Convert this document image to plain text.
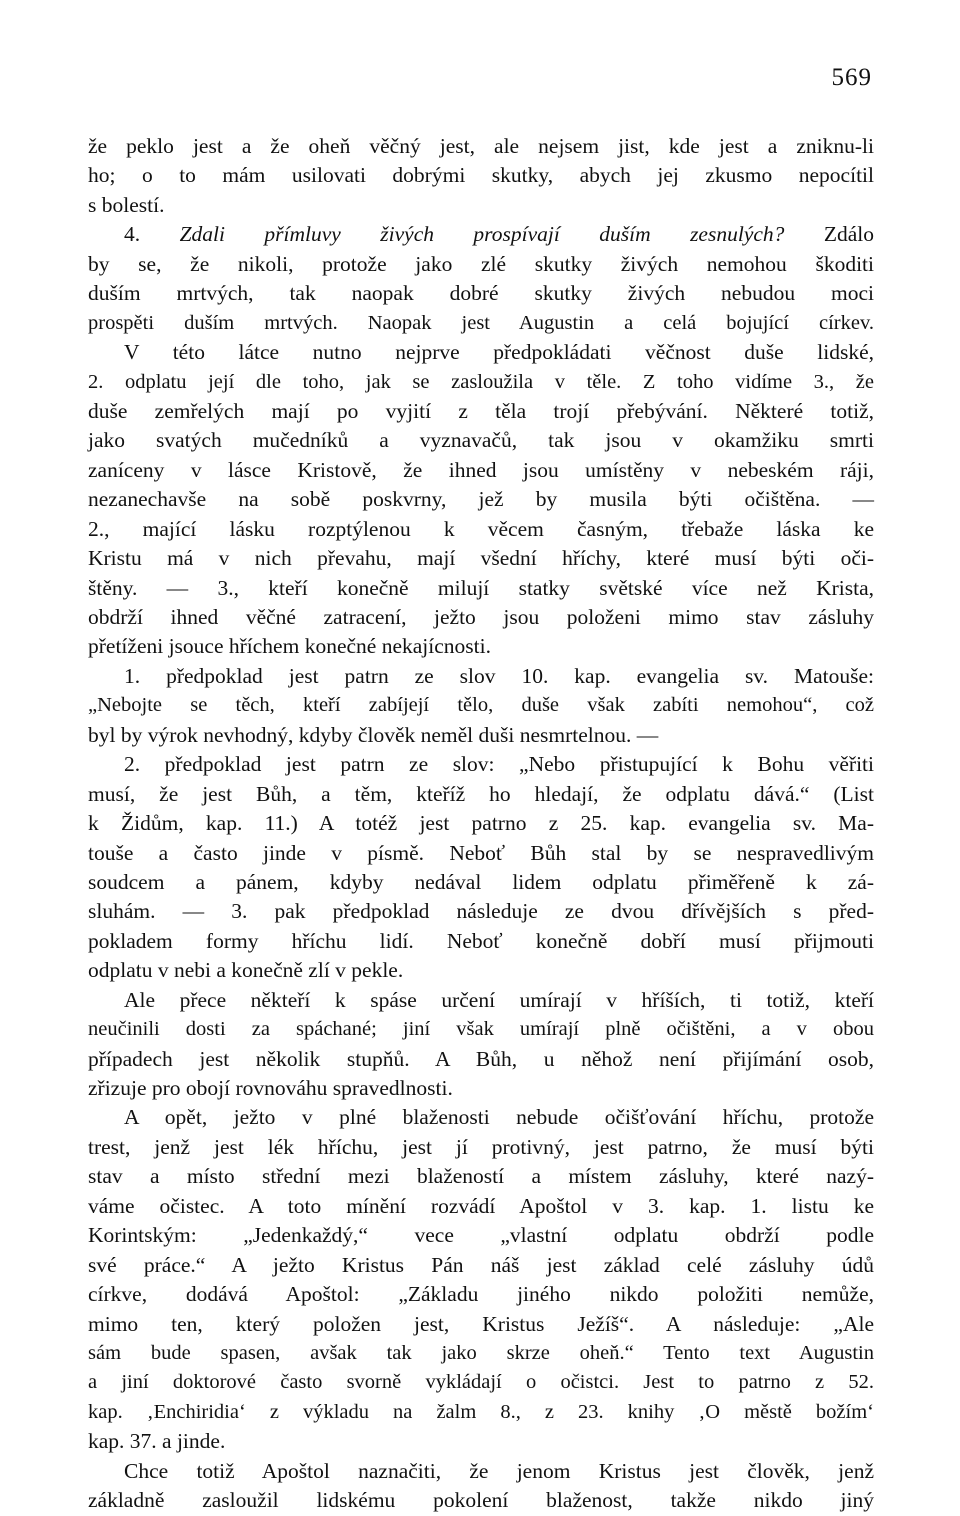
569
že peklo jest a že oheň věčný jest, ale nejsem jist, kde jest a zniknu-li
ho; o to mám usilovati dobrými skutky, abych jej zkusmo nepocítil
s bolestí.
4. Zdali přímluvy živých prospívají duším zesnulých? Zdálo
by se, že nikoli, protože jako zlé skutky živých nemohou škoditi
duším mrtvých, tak naopak dobré skutky živých nebudou moci
prospěti duším mrtvých. Naopak jest Augustin a celá bojující církev.
V této látce nutno nejprve předpokládati věčnost duše lidské,
2. odplatu její dle toho, jak se zasloužila v těle. Z toho vidíme 3., že
duše zemřelých mají po vyjití z těla trojí přebývání. Některé totiž,
jako svatých mučedníků a vyznavačů, tak jsou v okamžiku smrti
zaníceny v lásce Kristově, že ihned jsou umístěny v nebeském ráji,
nezanechavše na sobě poskvrny, jež by musila býti očištěna. —
2., mající lásku rozptýlenou k věcem časným, třebaže láska ke
Kristu má v nich převahu, mají všední hříchy, které musí býti oči-
štěny. — 3., kteří konečně milují statky světské více než Krista,
obdrží ihned věčné zatracení, ježto jsou položeni mimo stav zásluhy
přetíženi jsouce hříchem konečné nekajícnosti.
1. předpoklad jest patrn ze slov 10. kap. evangelia sv. Matouše:
„Nebojte se těch, kteří zabíjejí tělo, duše však zabíti nemohou“, což
byl by výrok nevhodný, kdyby člověk neměl duši nesmrtelnou. —
2. předpoklad jest patrn ze slov: „Nebo přistupující k Bohu věřiti
musí, že jest Bůh, a těm, kteříž ho hledají, že odplatu dává.“ (List
k Židům, kap. 11.) A totéž jest patrno z 25. kap. evangelia sv. Ma-
touše a často jinde v písmě. Neboť Bůh stal by se nespravedlivým
soudcem a pánem, kdyby nedával lidem odplatu přiměřeně k zá-
sluhám. — 3. pak předpoklad následuje ze dvou dřívějších s před-
pokladem formy hříchu lidí. Neboť konečně dobří musí přijmouti
odplatu v nebi a konečně zlí v pekle.
Ale přece někteří k spáse určení umírají v hříších, ti totiž, kteří
neučinili dosti za spáchané; jiní však umírají plně očištěni, a v obou
případech jest několik stupňů. A Bůh, u něhož není přijímání osob,
zřizuje pro obojí rovnováhu spravedlnosti.
A opět, ježto v plné blaženosti nebude očišťování hříchu, protože
trest, jenž jest lék hříchu, jest jí protivný, jest patrno, že musí býti
stav a místo střední mezi blažeností a místem zásluhy, které nazý-
váme očistec. A toto mínění rozvádí Apoštol v 3. kap. 1. listu ke
Korintským: „Jedenkaždý,“ vece „vlastní odplatu obdrží podle
své práce.“ A ježto Kristus Pán náš jest základ celé zásluhy údů
církve, dodává Apoštol: „Základu jiného nikdo položiti nemůže,
mimo ten, který položen jest, Kristus Ježíš“. A následuje: „Ale
sám bude spasen, avšak tak jako skrze oheň.“ Tento text Augustin
a jiní doktorové často svorně vykládají o očistci. Jest to patrno z 52.
kap. ‚Enchiridia‘ z výkladu na žalm 8., z 23. knihy ‚O městě božím‘
kap. 37. a jinde.
Chce totiž Apoštol naznačiti, že jenom Kristus jest člověk, jenž
základně zasloužil lidskému pokolení blaženost, takže nikdo jiný
